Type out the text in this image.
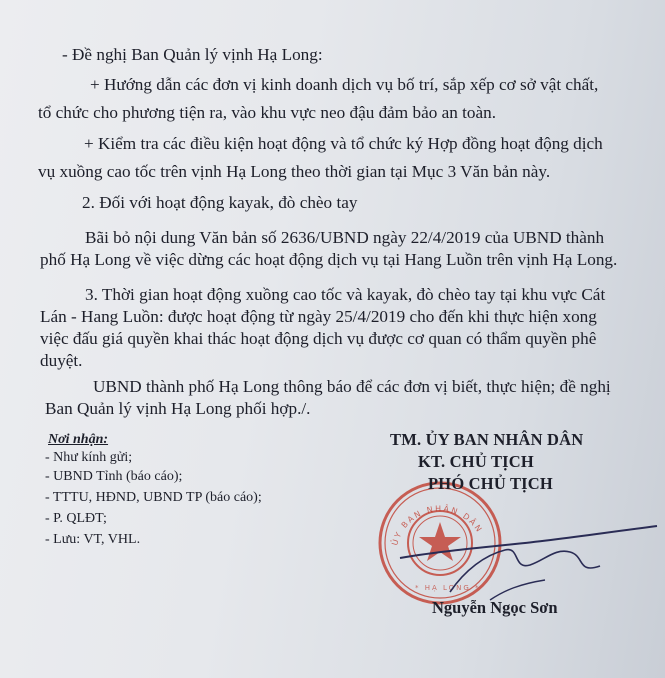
- Đề nghị Ban Quản lý vịnh Hạ Long:
+ Hướng dẫn các đơn vị kinh doanh dịch vụ bố trí, sắp xếp cơ sở vật chất,
tổ chức cho phương tiện ra, vào khu vực neo đậu đảm bảo an toàn.
+ Kiểm tra các điều kiện hoạt động và tổ chức ký Hợp đồng hoạt động dịch
vụ xuồng cao tốc trên vịnh Hạ Long theo thời gian tại Mục 3 Văn bản này.
2. Đối với hoạt động kayak, đò chèo tay
Bãi bỏ nội dung Văn bản số 2636/UBND ngày 22/4/2019 của UBND thành
phố Hạ Long về việc dừng các hoạt động dịch vụ tại Hang Luồn trên vịnh Hạ Long.
3. Thời gian hoạt động xuồng cao tốc và kayak, đò chèo tay tại khu vực Cát
Lán - Hang Luồn: được hoạt động từ ngày 25/4/2019 cho đến khi thực hiện xong
việc đấu giá quyền khai thác hoạt động dịch vụ được cơ quan có thẩm quyền phê
duyệt.
UBND thành phố Hạ Long thông báo để các đơn vị biết, thực hiện; đề nghị
Ban Quản lý vịnh Hạ Long phối hợp./.
Nơi nhận:
- Như kính gửi;
- UBND Tỉnh (báo cáo);
- TTTU, HĐND, UBND TP (báo cáo);
- P. QLĐT;
- Lưu: VT, VHL.	ỦY BAN NHÂN DÂN
* HẠ LONG *
TM. ỦY BAN NHÂN DÂN
KT. CHỦ TỊCH
PHÓ CHỦ TỊCH
Nguyễn Ngọc Sơn
